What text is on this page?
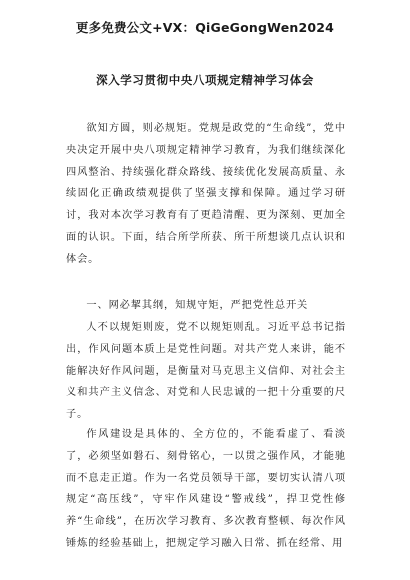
更多免费公文+VX：QiGeGongWen2024
深入学习贯彻中央八项规定精神学习体会

欲知方圆，则必规矩。党规是政党的“生命线”，党中央决定开展中央八项规定精神学习教育，为我们继续深化四风整治、持续强化群众路线、接续优化发展高质量、永续固化正确政绩观提供了坚强支撑和保障。通过学习研讨，我对本次学习教育有了更趋清醒、更为深刻、更加全面的认识。下面，结合所学所获、所干所想谈几点认识和体会。

一、网必挈其纲，知规守矩，严把党性总开关

人不以规矩则废，党不以规矩则乱。习近平总书记指出，作风问题本质上是党性问题。对共产党人来讲，能不能解决好作风问题，是衡量对马克思主义信仰、对社会主义和共产主义信念、对党和人民忠诚的一把十分重要的尺子。

作风建设是具体的、全方位的，不能看虚了、看淡了，必须坚如磐石、刻骨铭心，一以贯之强作风，才能驰而不息走正道。作为一名党员领导干部，要切实认清八项规定“高压线”，守牢作风建设“警戒线”，捍卫党性修养“生命线”，在历次学习教育、多次教育整顿、每次作风锤炼的经验基础上，把规定学习融入日常、抓在经常、用
